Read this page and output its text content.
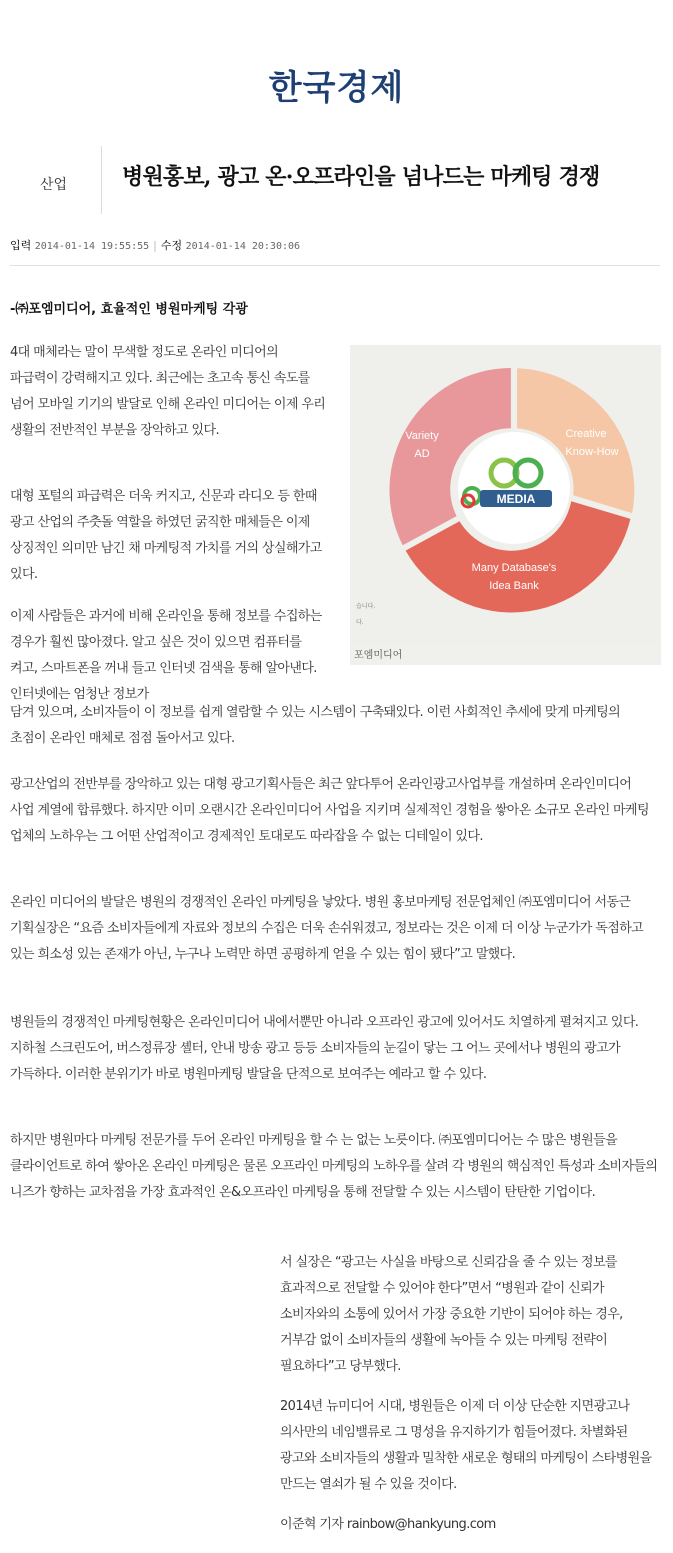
한국경제
산업 병원홍보, 광고 온·오프라인을 넘나드는 마케팅 경쟁
입력 2014-01-14 19:55:55 | 수정 2014-01-14 20:30:06
-㈜포엠미디어, 효율적인 병원마케팅 각광
MEDIA
Variety
AD
Creative
Know-How
Many Database's
Idea Bank
습니다.
다.
포엠미디어

4대 매체라는 말이 무색할 정도로 온라인 미디어의 파급력이 강력해지고 있다. 최근에는 초고속 통신 속도를 넘어 모바일 기기의 발달로 인해 온라인 미디어는 이제 우리 생활의 전반적인 부분을 장악하고 있다.

대형 포털의 파급력은 더욱 커지고, 신문과 라디오 등 한때 광고 산업의 주춧돌 역할을 하였던 굵직한 매체들은 이제 상징적인 의미만 남긴 채 마케팅적 가치를 거의 상실해가고 있다.

이제 사람들은 과거에 비해 온라인을 통해 정보를 수집하는 경우가 훨씬 많아졌다. 알고 싶은 것이 있으면 컴퓨터를 켜고, 스마트폰을 꺼내 들고 인터넷 검색을 통해 알아낸다. 인터넷에는 엄청난 정보가

담겨 있으며, 소비자들이 이 정보를 쉽게 열람할 수 있는 시스템이 구축돼있다. 이런 사회적인 추세에 맞게 마케팅의 초점이 온라인 매체로 점점 돌아서고 있다.

광고산업의 전반부를 장악하고 있는 대형 광고기획사들은 최근 앞다투어 온라인광고사업부를 개설하며 온라인미디어 사업 계열에 합류했다. 하지만 이미 오랜시간 온라인미디어 사업을 지키며 실제적인 경험을 쌓아온 소규모 온라인 마케팅 업체의 노하우는 그 어떤 산업적이고 경제적인 토대로도 따라잡을 수 없는 디테일이 있다.

온라인 미디어의 발달은 병원의 경쟁적인 온라인 마케팅을 낳았다. 병원 홍보마케팅 전문업체인 ㈜포엠미디어 서동근 기획실장은 “요즘 소비자들에게 자료와 정보의 수집은 더욱 손쉬워졌고, 정보라는 것은 이제 더 이상 누군가가 독점하고 있는 희소성 있는 존재가 아닌, 누구나 노력만 하면 공평하게 얻을 수 있는 힘이 됐다”고 말했다.

병원들의 경쟁적인 마케팅현황은 온라인미디어 내에서뿐만 아니라 오프라인 광고에 있어서도 치열하게 펼쳐지고 있다. 지하철 스크린도어, 버스정류장 셸터, 안내 방송 광고 등등 소비자들의 눈길이 닿는 그 어느 곳에서나 병원의 광고가 가득하다. 이러한 분위기가 바로 병원마케팅 발달을 단적으로 보여주는 예라고 할 수 있다.

하지만 병원마다 마케팅 전문가를 두어 온라인 마케팅을 할 수 는 없는 노릇이다. ㈜포엠미디어는 수 많은 병원들을 클라이언트로 하여 쌓아온 온라인 마케팅은 물론 오프라인 마케팅의 노하우를 살려 각 병원의 핵심적인 특성과 소비자들의 니즈가 향하는 교차점을 가장 효과적인 온&오프라인 마케팅을 통해 전달할 수 있는 시스템이 탄탄한 기업이다.

서 실장은 “광고는 사실을 바탕으로 신뢰감을 줄 수 있는 정보를 효과적으로 전달할 수 있어야 한다”면서 “병원과 같이 신뢰가 소비자와의 소통에 있어서 가장 중요한 기반이 되어야 하는 경우, 거부감 없이 소비자들의 생활에 녹아들 수 있는 마케팅 전략이 필요하다”고 당부했다.

2014년 뉴미디어 시대, 병원들은 이제 더 이상 단순한 지면광고나 의사만의 네임밸류로 그 명성을 유지하기가 힘들어졌다. 차별화된 광고와 소비자들의 생활과 밀착한 새로운 형태의 마케팅이 스타병원을 만드는 열쇠가 될 수 있을 것이다.

이준혁 기자 rainbow@hankyung.com
